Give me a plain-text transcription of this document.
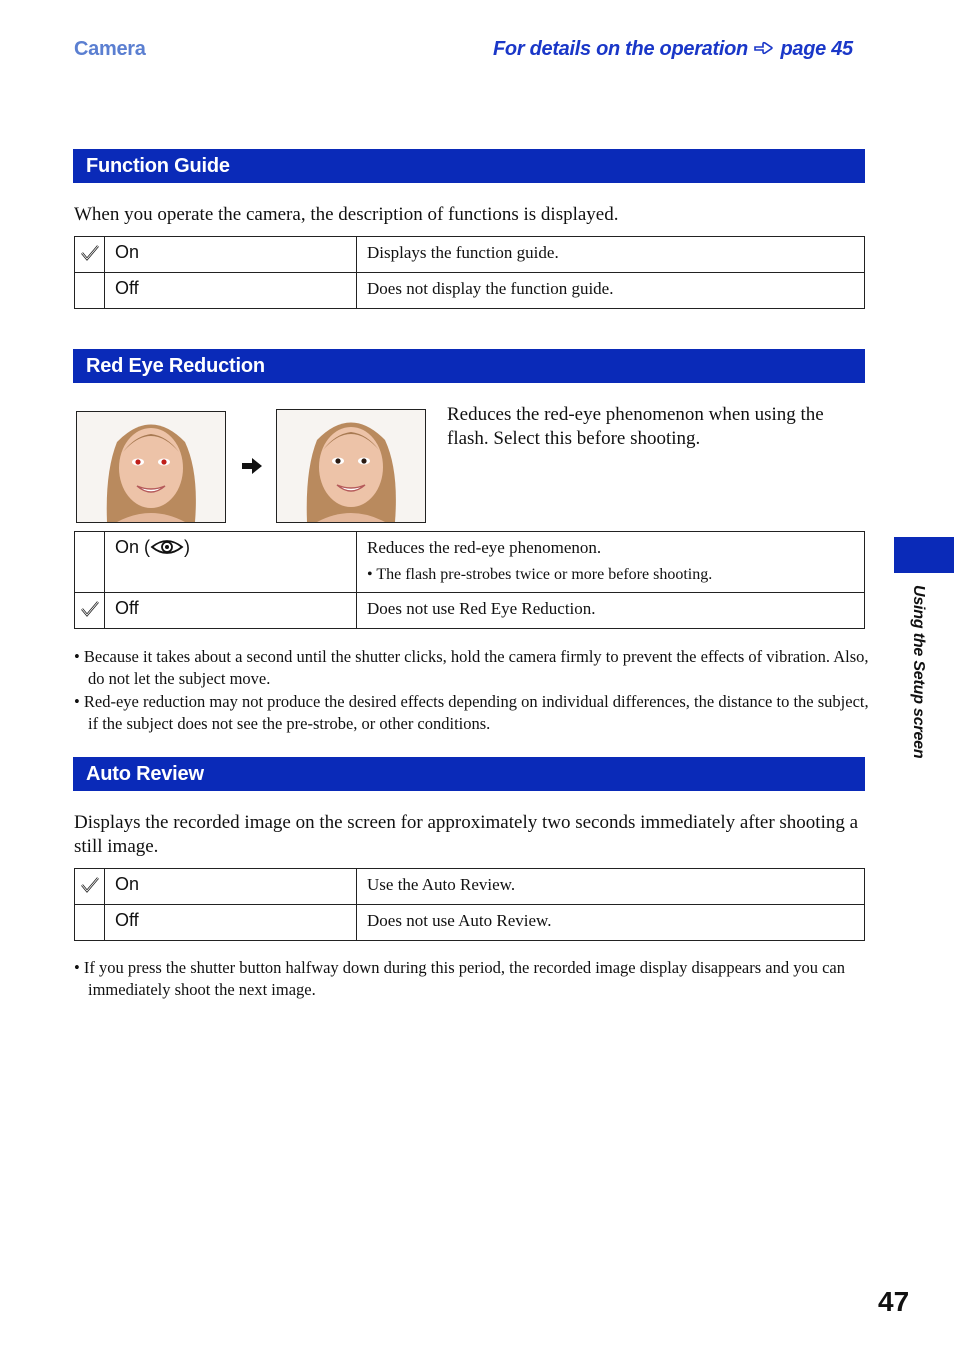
Camera	For details on the operation page 45
Function Guide
When you operate the camera, the description of functions is displayed.
	On	Displays the function guide.
	Off	Does not display the function guide.
Red Eye Reduction
Reduces the red-eye phenomenon when using the flash. Select this before shooting.
	On ( )	Reduces the red-eye phenomenon.
• The flash pre-strobes twice or more before shooting.

	Off	Does not use Red Eye Reduction.
• Because it takes about a second until the shutter clicks, hold the camera firmly to prevent the effects of vibration. Also, do not let the subject move.
• Red-eye reduction may not produce the desired effects depending on individual differences, the distance to the subject, if the subject does not see the pre-strobe, or other conditions.
Auto Review
Displays the recorded image on the screen for approximately two seconds immediately after shooting a still image.
	On	Use the Auto Review.
	Off	Does not use Auto Review.
• If you press the shutter button halfway down during this period, the recorded image display disappears and you can immediately shoot the next image.
Using the Setup screen
47
